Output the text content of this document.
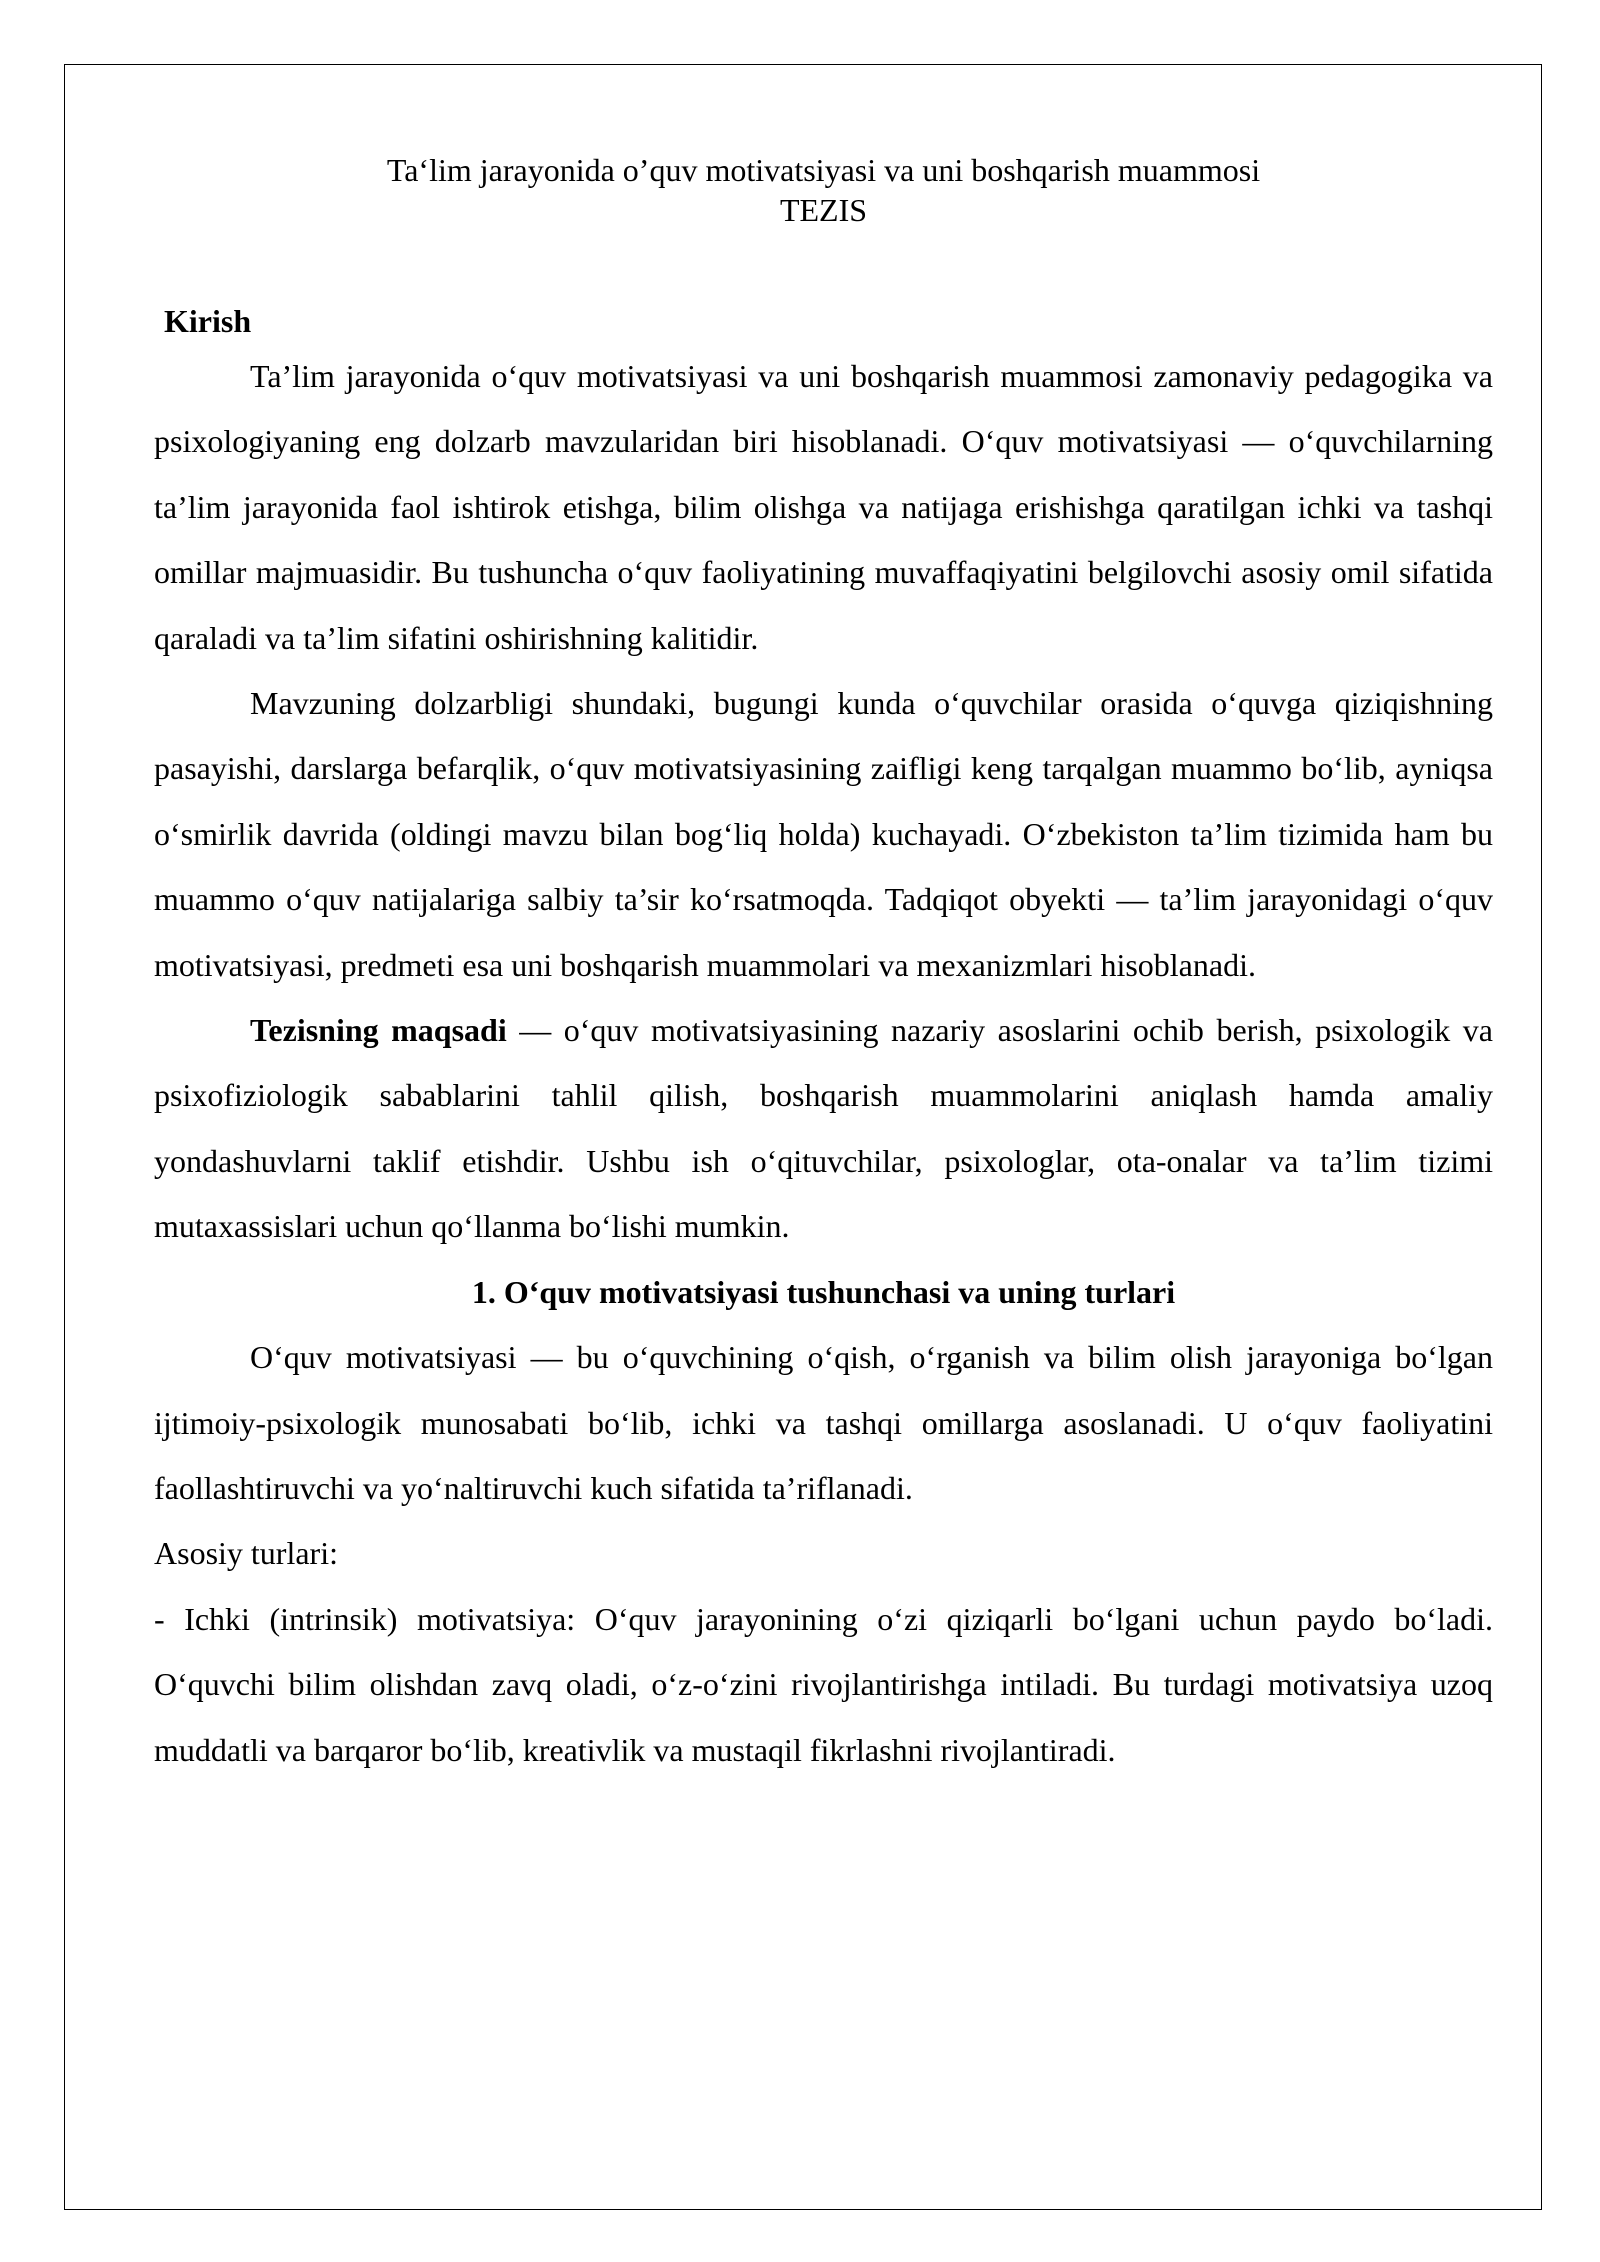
Ta‘lim jarayonida o’quv motivatsiyasi va uni boshqarish muammosi

TEZIS

Kirish

Ta’lim jarayonida o‘quv motivatsiyasi va uni boshqarish muammosi zamonaviy pedagogika va psixologiyaning eng dolzarb mavzularidan biri hisoblanadi. O‘quv motivatsiyasi — o‘quvchilarning ta’lim jarayonida faol ishtirok etishga, bilim olishga va natijaga erishishga qaratilgan ichki va tashqi omillar majmuasidir. Bu tushuncha o‘quv faoliyatining muvaffaqiyatini belgilovchi asosiy omil sifatida qaraladi va ta’lim sifatini oshirishning kalitidir.

Mavzuning dolzarbligi shundaki, bugungi kunda o‘quvchilar orasida o‘quvga qiziqishning pasayishi, darslarga befarqlik, o‘quv motivatsiyasining zaifligi keng tarqalgan muammo bo‘lib, ayniqsa o‘smirlik davrida (oldingi mavzu bilan bog‘liq holda) kuchayadi. O‘zbekiston ta’lim tizimida ham bu muammo o‘quv natijalariga salbiy ta’sir ko‘rsatmoqda. Tadqiqot obyekti — ta’lim jarayonidagi o‘quv motivatsiyasi, predmeti esa uni boshqarish muammolari va mexanizmlari hisoblanadi.

Tezisning maqsadi — o‘quv motivatsiyasining nazariy asoslarini ochib berish, psixologik va psixofiziologik sabablarini tahlil qilish, boshqarish muammolarini aniqlash hamda amaliy yondashuvlarni taklif etishdir. Ushbu ish o‘qituvchilar, psixologlar, ota-onalar va ta’lim tizimi mutaxassislari uchun qo‘llanma bo‘lishi mumkin.

1. O‘quv motivatsiyasi tushunchasi va uning turlari

O‘quv motivatsiyasi — bu o‘quvchining o‘qish, o‘rganish va bilim olish jarayoniga bo‘lgan ijtimoiy-psixologik munosabati bo‘lib, ichki va tashqi omillarga asoslanadi. U o‘quv faoliyatini faollashtiruvchi va yo‘naltiruvchi kuch sifatida ta’riflanadi.

Asosiy turlari:

- Ichki (intrinsik) motivatsiya: O‘quv jarayonining o‘zi qiziqarli bo‘lgani uchun paydo bo‘ladi. O‘quvchi bilim olishdan zavq oladi, o‘z-o‘zini rivojlantirishga intiladi. Bu turdagi motivatsiya uzoq muddatli va barqaror bo‘lib, kreativlik va mustaqil fikrlashni rivojlantiradi.
